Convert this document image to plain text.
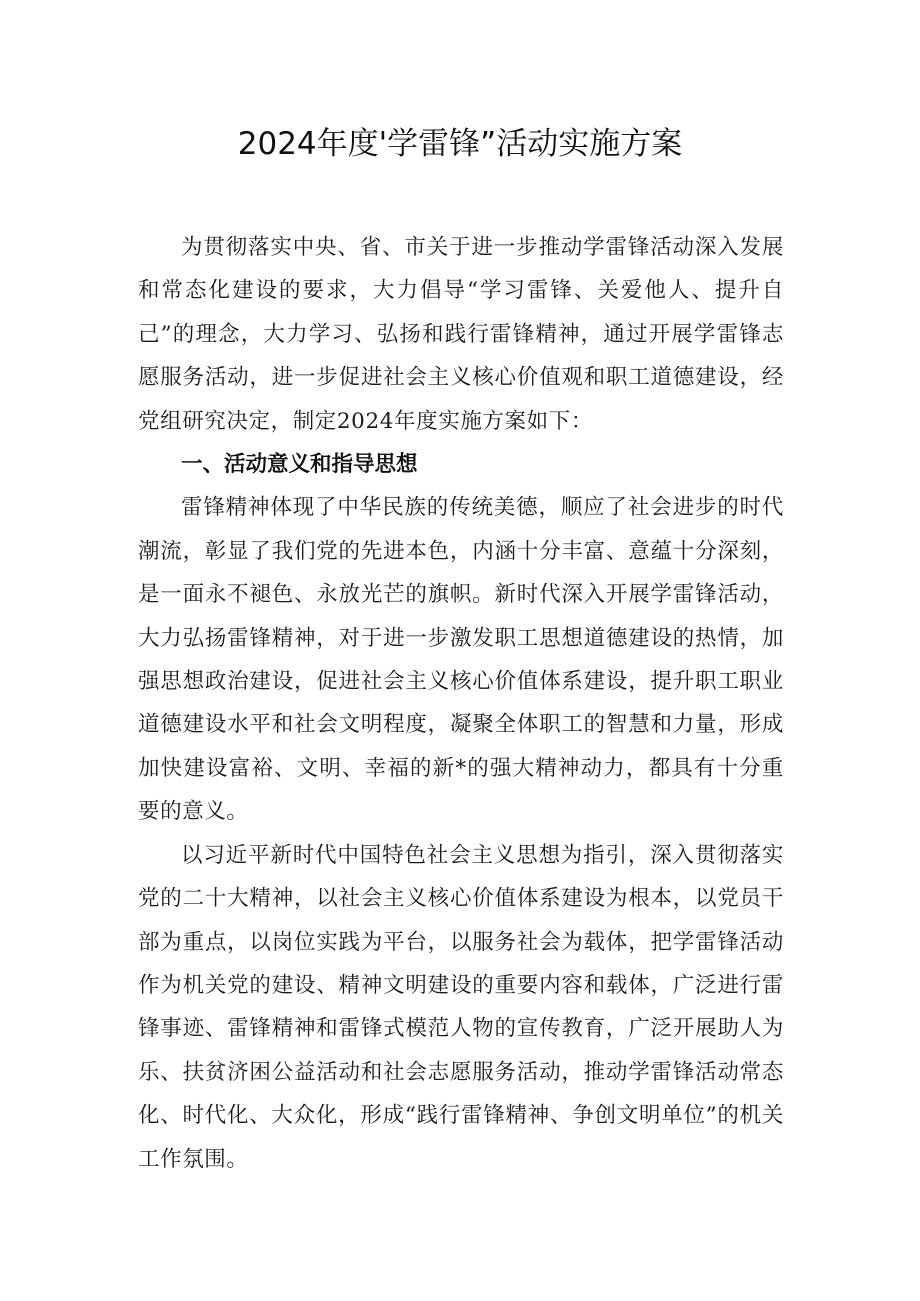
2024年度'学雷锋”活动实施方案

为贯彻落实中央、省、市关于进一步推动学雷锋活动深入发展和常态化建设的要求，大力倡导“学习雷锋、关爱他人、提升自己”的理念，大力学习、弘扬和践行雷锋精神，通过开展学雷锋志愿服务活动，进一步促进社会主义核心价值观和职工道德建设，经党组研究决定，制定2024年度实施方案如下：

一、活动意义和指导思想

雷锋精神体现了中华民族的传统美德，顺应了社会进步的时代潮流，彰显了我们党的先进本色，内涵十分丰富、意蕴十分深刻，是一面永不褪色、永放光芒的旗帜。新时代深入开展学雷锋活动，大力弘扬雷锋精神，对于进一步激发职工思想道德建设的热情，加强思想政治建设，促进社会主义核心价值体系建设，提升职工职业道德建设水平和社会文明程度，凝聚全体职工的智慧和力量，形成加快建设富裕、文明、幸福的新*的强大精神动力，都具有十分重要的意义。

以习近平新时代中国特色社会主义思想为指引，深入贯彻落实党的二十大精神，以社会主义核心价值体系建设为根本，以党员干部为重点，以岗位实践为平台，以服务社会为载体，把学雷锋活动作为机关党的建设、精神文明建设的重要内容和载体，广泛进行雷锋事迹、雷锋精神和雷锋式模范人物的宣传教育，广泛开展助人为乐、扶贫济困公益活动和社会志愿服务活动，推动学雷锋活动常态化、时代化、大众化，形成“践行雷锋精神、争创文明单位”的机关工作氛围。
